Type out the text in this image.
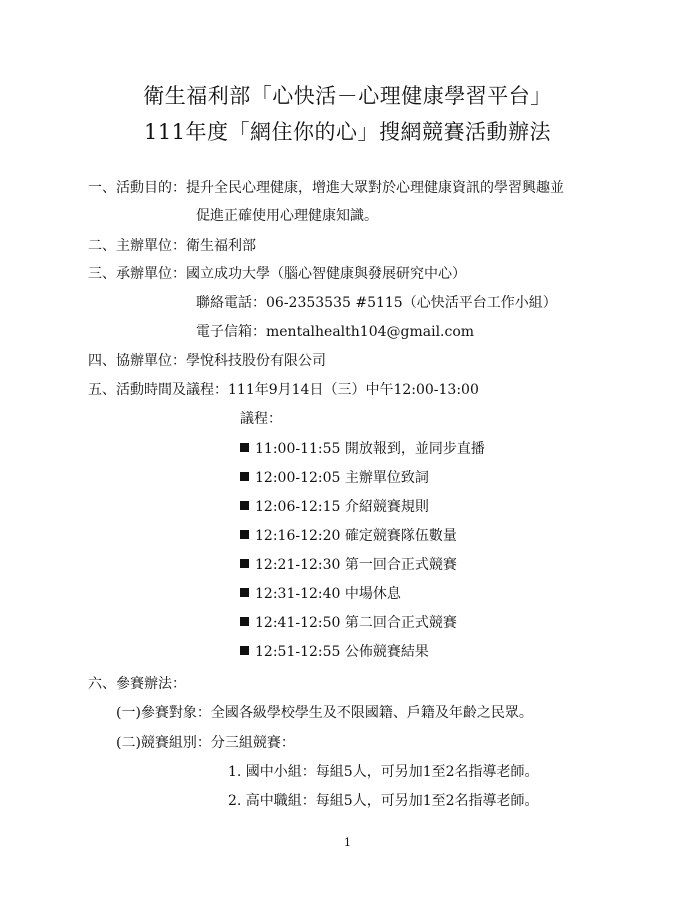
衛生福利部「心快活－心理健康學習平台」
111年度「網住你的心」搜網競賽活動辦法
一、活動目的：提升全民心理健康，增進大眾對於心理健康資訊的學習興趣並
促進正確使用心理健康知識。
二、主辦單位：衛生福利部
三、承辦單位：國立成功大學（腦心智健康與發展研究中心）
聯絡電話：06-2353535 #5115（心快活平台工作小組）
電子信箱：mentalhealth104@gmail.com
四、協辦單位：學悅科技股份有限公司
五、活動時間及議程：111年9月14日（三）中午12:00-13:00
議程：
11:00-11:55 開放報到，並同步直播
12:00-12:05 主辦單位致詞
12:06-12:15 介紹競賽規則
12:16-12:20 確定競賽隊伍數量
12:21-12:30 第一回合正式競賽
12:31-12:40 中場休息
12:41-12:50 第二回合正式競賽
12:51-12:55 公佈競賽結果
六、參賽辦法：
(一)參賽對象：全國各級學校學生及不限國籍、戶籍及年齡之民眾。
(二)競賽組別：分三組競賽：
1. 國中小組：每組5人，可另加1至2名指導老師。
2. 高中職組：每組5人，可另加1至2名指導老師。
1
